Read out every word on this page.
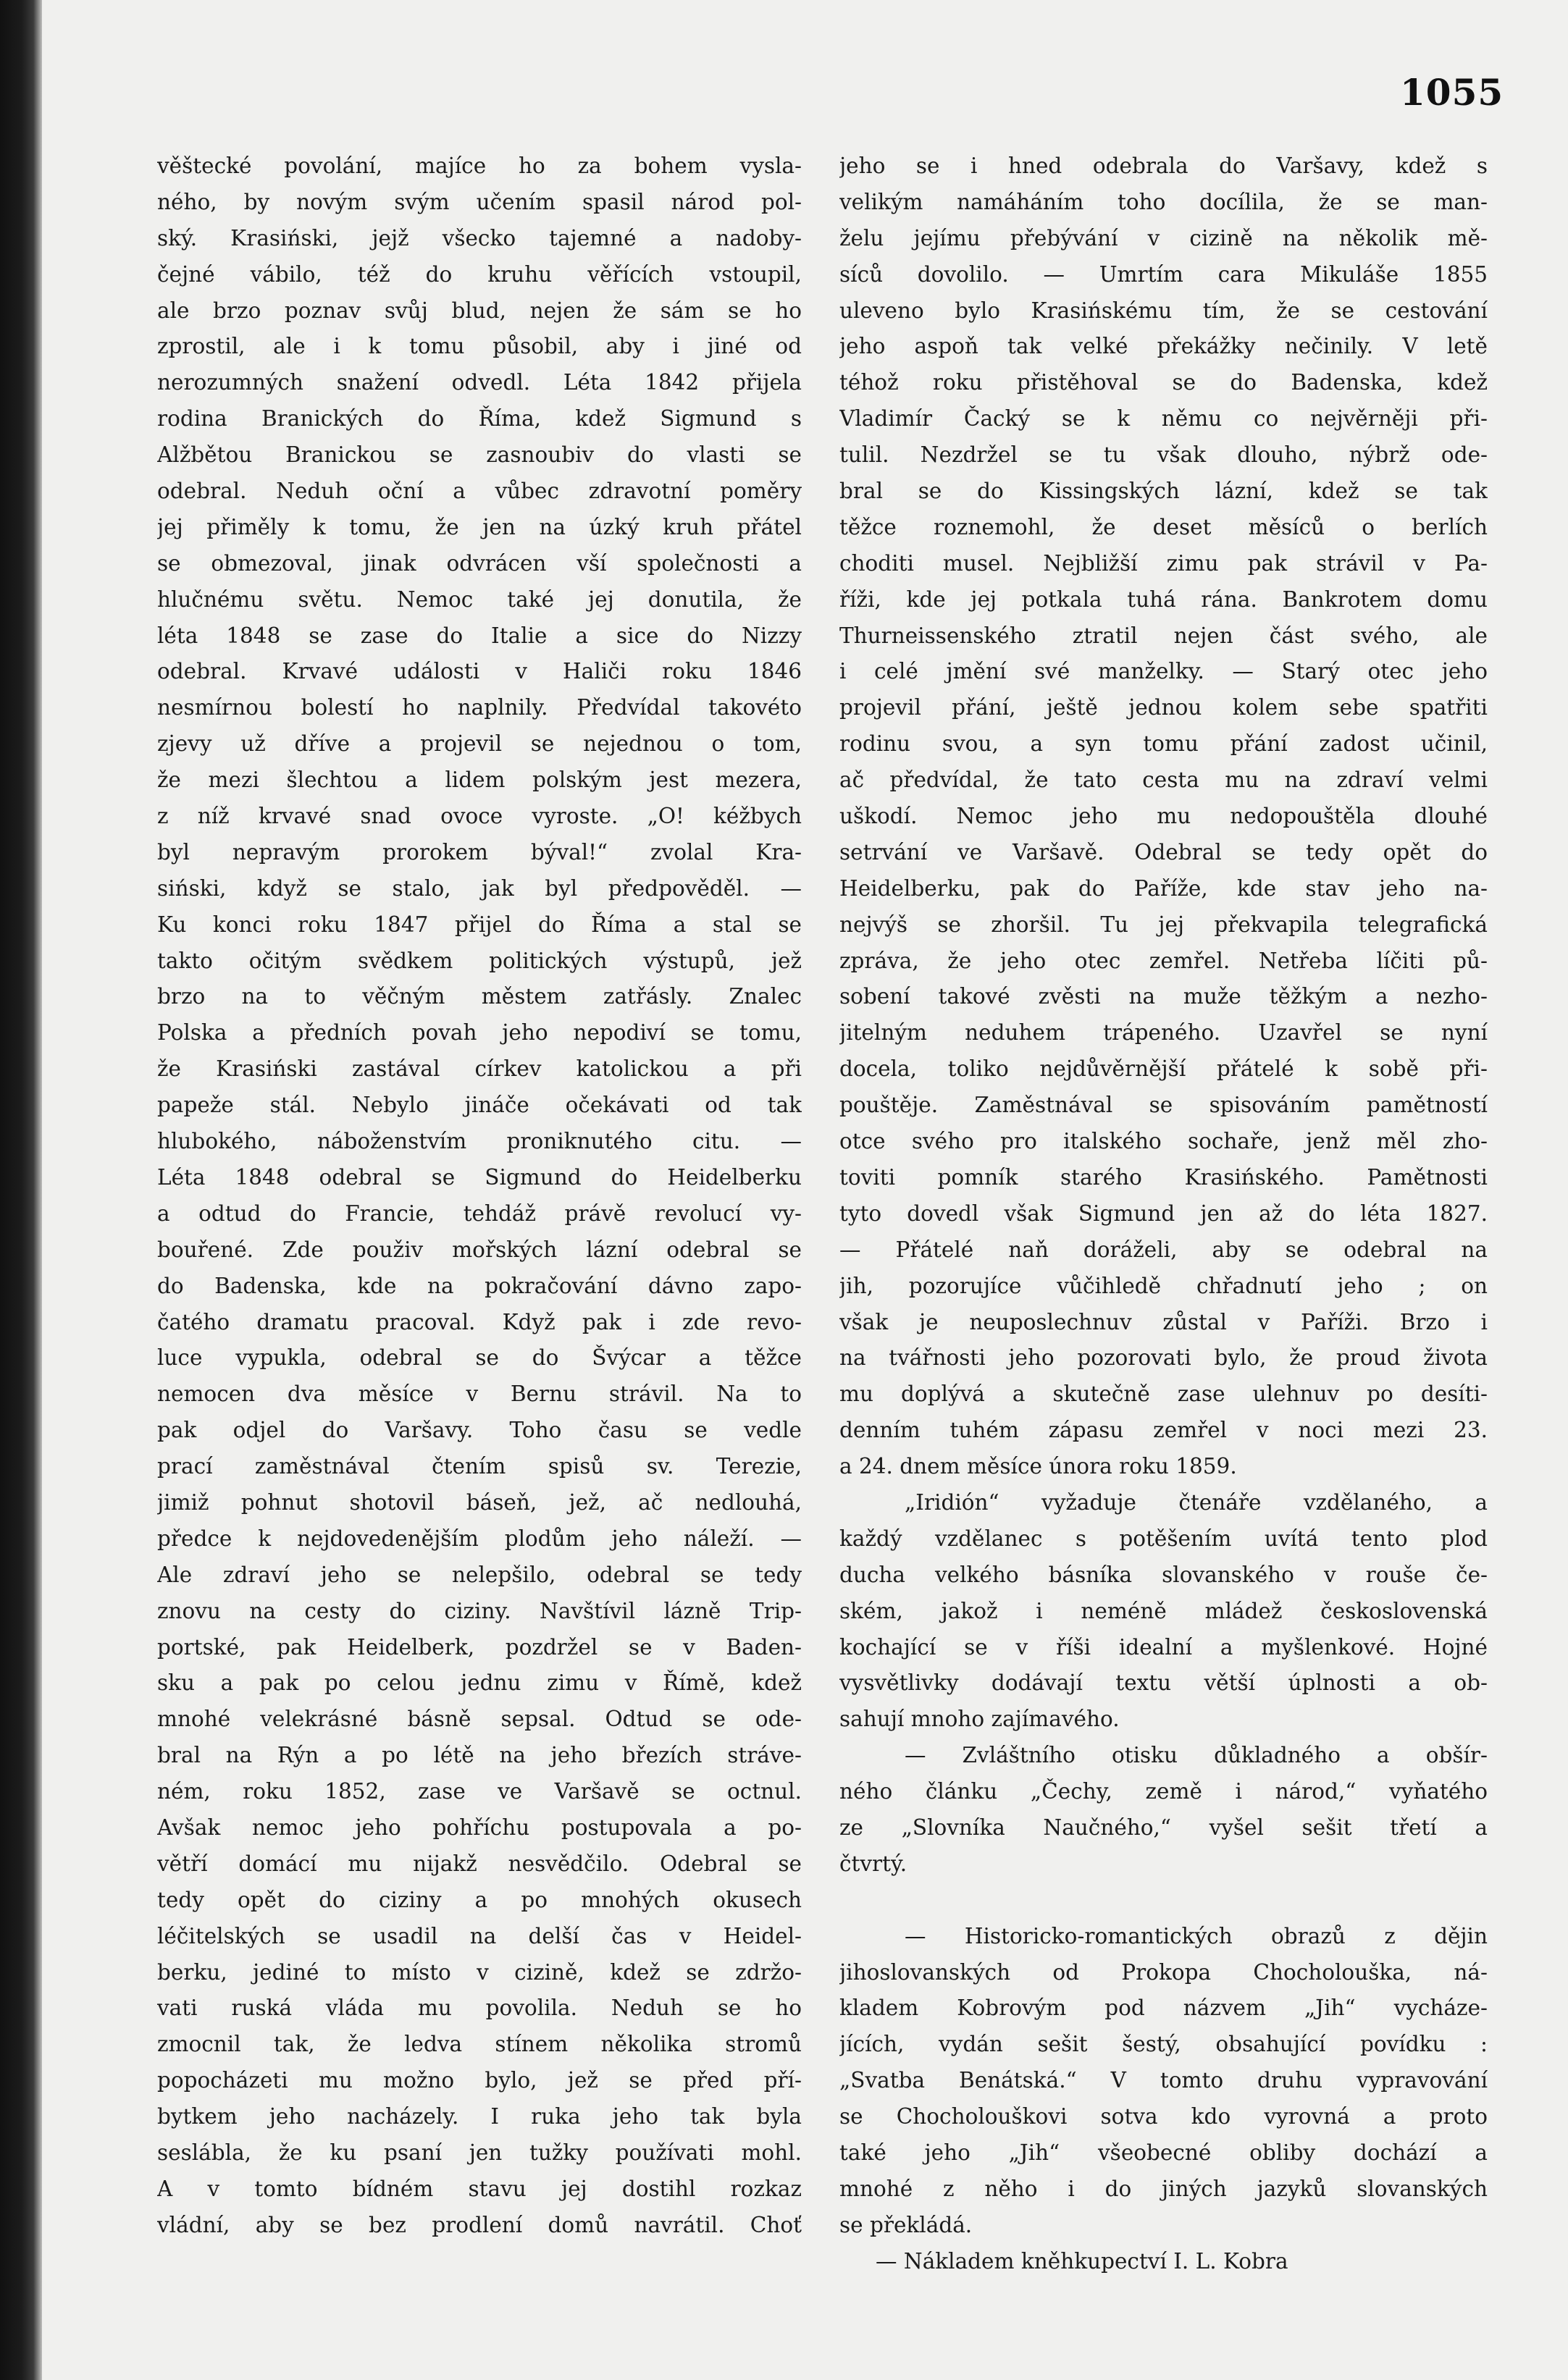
1055

věštecké povolání, majíce ho za bohem vysla-

ného, by novým svým učením spasil národ pol-

ský. Krasiński, jejž všecko tajemné a nadoby-

čejné vábilo, též do kruhu věřících vstoupil,

ale brzo poznav svůj blud, nejen že sám se ho

zprostil, ale i k tomu působil, aby i jiné od

nerozumných snažení odvedl. Léta 1842 přijela

rodina Branických do Říma, kdež Sigmund s

Alžbětou Branickou se zasnoubiv do vlasti se

odebral. Neduh oční a vůbec zdravotní poměry

jej přiměly k tomu, že jen na úzký kruh přátel

se obmezoval, jinak odvrácen vší společnosti a

hlučnému světu. Nemoc také jej donutila, že

léta 1848 se zase do Italie a sice do Nizzy

odebral. Krvavé události v Haliči roku 1846

nesmírnou bolestí ho naplnily. Předvídal takovéto

zjevy už dříve a projevil se nejednou o tom,

že mezi šlechtou a lidem polským jest mezera,

z níž krvavé snad ovoce vyroste. „O! kéžbych

byl nepravým prorokem býval!“ zvolal Kra-

siński, když se stalo, jak byl předpověděl. —

Ku konci roku 1847 přijel do Říma a stal se

takto očitým svědkem politických výstupů, jež

brzo na to věčným městem zatřásly. Znalec

Polska a předních povah jeho nepodiví se tomu,

že Krasiński zastával církev katolickou a při

papeže stál. Nebylo jináče očekávati od tak

hlubokého, náboženstvím proniknutého citu. —

Léta 1848 odebral se Sigmund do Heidelberku

a odtud do Francie, tehdáž právě revolucí vy-

bouřené. Zde použiv mořských lázní odebral se

do Badenska, kde na pokračování dávno zapo-

čatého dramatu pracoval. Když pak i zde revo-

luce vypukla, odebral se do Švýcar a těžce

nemocen dva měsíce v Bernu strávil. Na to

pak odjel do Varšavy. Toho času se vedle

prací zaměstnával čtením spisů sv. Terezie,

jimiž pohnut shotovil báseň, jež, ač nedlouhá,

předce k nejdovedenějším plodům jeho náleží. —

Ale zdraví jeho se nelepšilo, odebral se tedy

znovu na cesty do ciziny. Navštívil lázně Trip-

portské, pak Heidelberk, pozdržel se v Baden-

sku a pak po celou jednu zimu v Římě, kdež

mnohé velekrásné básně sepsal. Odtud se ode-

bral na Rýn a po létě na jeho březích stráve-

ném, roku 1852, zase ve Varšavě se octnul.

Avšak nemoc jeho pohříchu postupovala a po-

větří domácí mu nijakž nesvědčilo. Odebral se

tedy opět do ciziny a po mnohých okusech

léčitelských se usadil na delší čas v Heidel-

berku, jediné to místo v cizině, kdež se zdržo-

vati ruská vláda mu povolila. Neduh se ho

zmocnil tak, že ledva stínem několika stromů

popocházeti mu možno bylo, jež se před pří-

bytkem jeho nacházely. I ruka jeho tak byla

seslábla, že ku psaní jen tužky používati mohl.

A v tomto bídném stavu jej dostihl rozkaz

vládní, aby se bez prodlení domů navrátil. Choť

jeho se i hned odebrala do Varšavy, kdež s

velikým namáháním toho docílila, že se man-

želu jejímu přebývání v cizině na několik mě-

síců dovolilo. — Umrtím cara Mikuláše 1855

uleveno bylo Krasińskému tím, že se cestování

jeho aspoň tak velké překážky nečinily. V letě

téhož roku přistěhoval se do Badenska, kdež

Vladimír Čacký se k němu co nejvěrněji při-

tulil. Nezdržel se tu však dlouho, nýbrž ode-

bral se do Kissingských lázní, kdež se tak

těžce roznemohl, že deset měsíců o berlích

choditi musel. Nejbližší zimu pak strávil v Pa-

říži, kde jej potkala tuhá rána. Bankrotem domu

Thurneissenského ztratil nejen část svého, ale

i celé jmění své manželky. — Starý otec jeho

projevil přání, ještě jednou kolem sebe spatřiti

rodinu svou, a syn tomu přání zadost učinil,

ač předvídal, že tato cesta mu na zdraví velmi

uškodí. Nemoc jeho mu nedopouštěla dlouhé

setrvání ve Varšavě. Odebral se tedy opět do

Heidelberku, pak do Paříže, kde stav jeho na-

nejvýš se zhoršil. Tu jej překvapila telegrafická

zpráva, že jeho otec zemřel. Netřeba líčiti pů-

sobení takové zvěsti na muže těžkým a nezho-

jitelným neduhem trápeného. Uzavřel se nyní

docela, toliko nejdůvěrnější přátelé k sobě při-

pouštěje. Zaměstnával se spisováním pamětností

otce svého pro italského sochaře, jenž měl zho-

toviti pomník starého Krasińského. Pamětnosti

tyto dovedl však Sigmund jen až do léta 1827.

— Přátelé naň doráželi, aby se odebral na

jih, pozorujíce vůčihledě chřadnutí jeho ; on

však je neuposlechnuv zůstal v Paříži. Brzo i

na tvářnosti jeho pozorovati bylo, že proud života

mu doplývá a skutečně zase ulehnuv po desíti-

denním tuhém zápasu zemřel v noci mezi 23.

a 24. dnem měsíce února roku 1859.

„Iridión“ vyžaduje čtenáře vzdělaného, a

každý vzdělanec s potěšením uvítá tento plod

ducha velkého básníka slovanského v rouše če-

ském, jakož i neméně mládež československá

kochající se v říši idealní a myšlenkové. Hojné

vysvětlivky dodávají textu větší úplnosti a ob-

sahují mnoho zajímavého.

— Zvláštního otisku důkladného a obšír-

ného článku „Čechy, země i národ,“ vyňatého

ze „Slovníka Naučného,“ vyšel sešit třetí a

čtvrtý.

— Historicko-romantických obrazů z dějin

jihoslovanských od Prokopa Chocholouška, ná-

kladem Kobrovým pod názvem „Jih“ vycháze-

jících, vydán sešit šestý, obsahující povídku :

„Svatba Benátská.“ V tomto druhu vypravování

se Chocholouškovi sotva kdo vyrovná a proto

také jeho „Jih“ všeobecné obliby dochází a

mnohé z něho i do jiných jazyků slovanských

se překládá.

— Nákladem kněhkupectví I. L. Kobra
